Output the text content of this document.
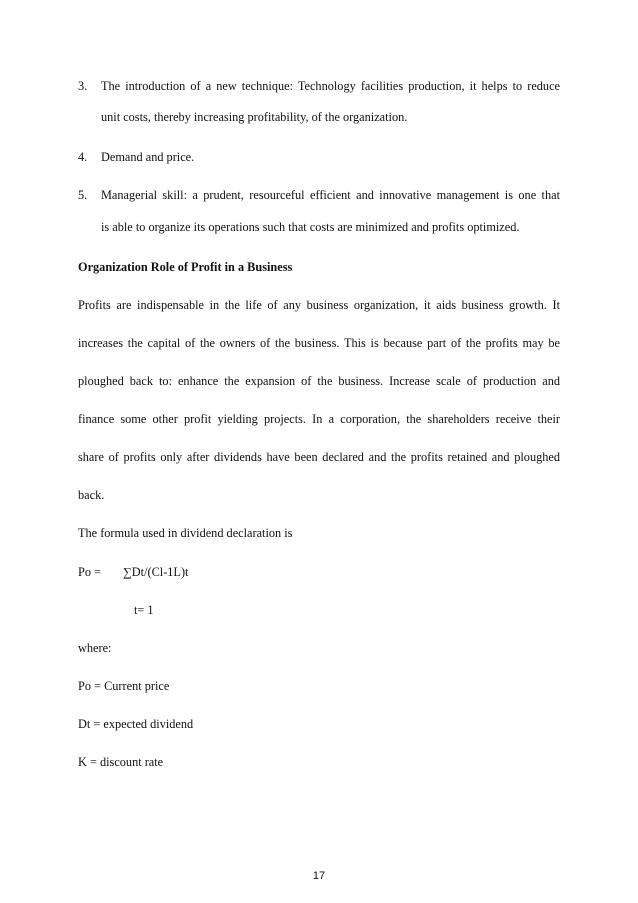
3. The introduction of a new technique: Technology facilities production, it helps to reduce
unit costs, thereby increasing profitability, of the organization.
4. Demand and price.
5. Managerial skill: a prudent, resourceful efficient and innovative management is one that
is able to organize its operations such that costs are minimized and profits optimized.
Organization Role of Profit in a Business
Profits are indispensable in the life of any business organization, it aids business growth. It
increases the capital of the owners of the business. This is because part of the profits may be
ploughed back to: enhance the expansion of the business. Increase scale of production and
finance some other profit yielding projects. In a corporation, the shareholders receive their
share of profits only after dividends have been declared and the profits retained and ploughed
back.
The formula used in dividend declaration is
Po = ∑Dt/(Cl-1L)t
t= 1
where:
Po = Current price
Dt = expected dividend
K = discount rate
17
